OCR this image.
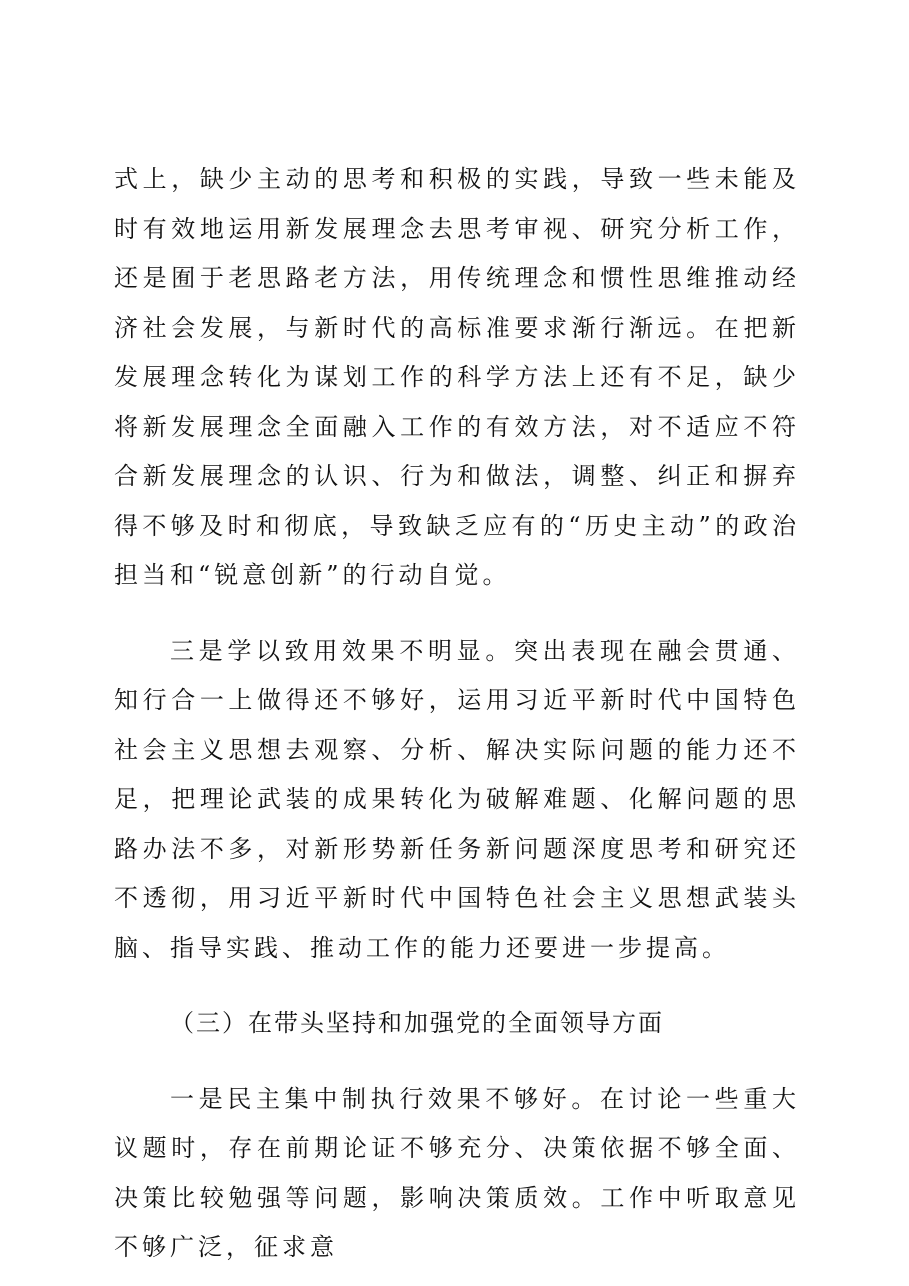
式上，缺少主动的思考和积极的实践，导致一些未能及时有效地运用新发展理念去思考审视、研究分析工作，还是囿于老思路老方法，用传统理念和惯性思维推动经济社会发展，与新时代的高标准要求渐行渐远。在把新发展理念转化为谋划工作的科学方法上还有不足，缺少将新发展理念全面融入工作的有效方法，对不适应不符合新发展理念的认识、行为和做法，调整、纠正和摒弃得不够及时和彻底，导致缺乏应有的“历史主动”的政治担当和“锐意创新”的行动自觉。

三是学以致用效果不明显。突出表现在融会贯通、知行合一上做得还不够好，运用习近平新时代中国特色社会主义思想去观察、分析、解决实际问题的能力还不足，把理论武装的成果转化为破解难题、化解问题的思路办法不多，对新形势新任务新问题深度思考和研究还不透彻，用习近平新时代中国特色社会主义思想武装头脑、指导实践、推动工作的能力还要进一步提高。

（三）在带头坚持和加强党的全面领导方面

一是民主集中制执行效果不够好。在讨论一些重大议题时，存在前期论证不够充分、决策依据不够全面、决策比较勉强等问题，影响决策质效。工作中听取意见不够广泛，征求意
